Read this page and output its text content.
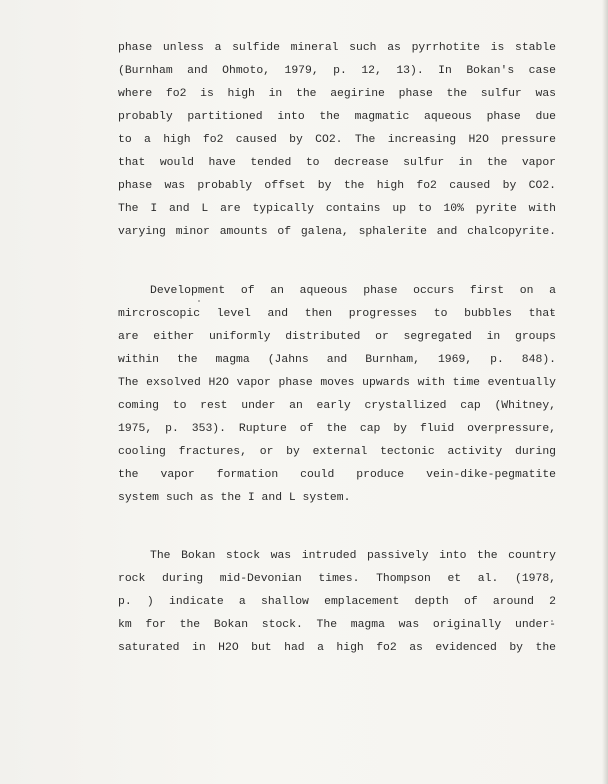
phase unless a sulfide mineral such as pyrrhotite is stable
(Burnham and Ohmoto, 1979, p. 12, 13). In Bokan's case
where fo2 is high in the aegirine phase the sulfur was
probably partitioned into the magmatic aqueous phase due
to a high fo2 caused by CO2. The increasing H2O pressure
that would have tended to decrease sulfur in the vapor
phase was probably offset by the high fo2 caused by CO2.
The I and L are typically contains up to 10% pyrite with
varying minor amounts of galena, sphalerite and chalcopyrite.
Development of an aqueous phase occurs first on a
mircroscopic level and then progresses to bubbles that
are either uniformly distributed or segregated in groups
within the magma (Jahns and Burnham, 1969, p. 848).
The exsolved H2O vapor phase moves upwards with time eventually
coming to rest under an early crystallized cap (Whitney,
1975, p. 353). Rupture of the cap by fluid overpressure,
cooling fractures, or by external tectonic activity during
the vapor formation could produce vein-dike-pegmatite
system such as the I and L system.
The Bokan stock was intruded passively into the country
rock during mid-Devonian times. Thompson et al. (1978,
p. ) indicate a shallow emplacement depth of around 2
km for the Bokan stock. The magma was originally under-
saturated in H2O but had a high fo2 as evidenced by the
